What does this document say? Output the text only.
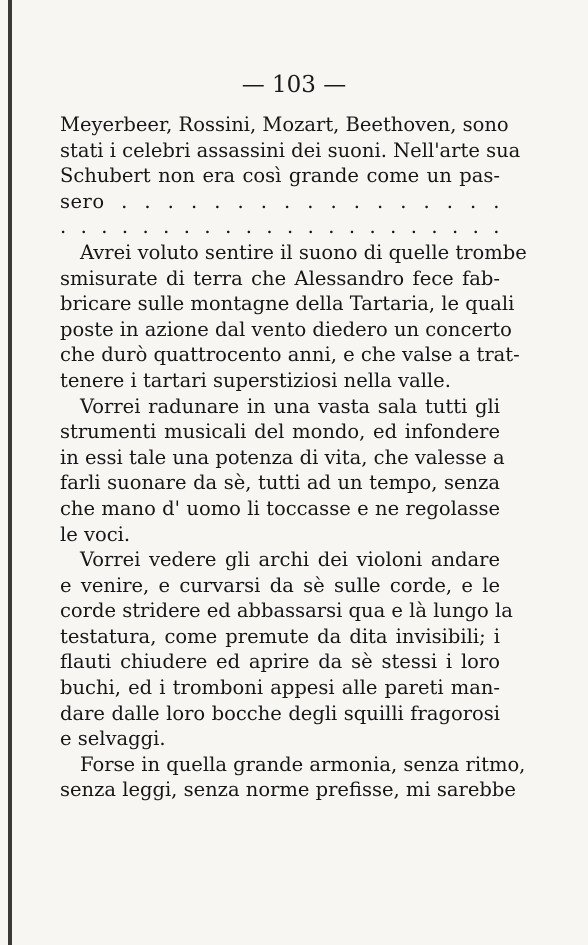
— 103 —
Meyerbeer, Rossini, Mozart, Beethoven, sono
stati i celebri assassini dei suoni. Nell'arte sua
Schubert non era così grande come un pas-
sero . . . . . . . . . . . . . . . . .
. . . . . . . . . . . . . . . . . . . . . .
Avrei voluto sentire il suono di quelle trombe
smisurate di terra che Alessandro fece fab-
bricare sulle montagne della Tartaria, le quali
poste in azione dal vento diedero un concerto
che durò quattrocento anni, e che valse a trat-
tenere i tartari superstiziosi nella valle.
Vorrei radunare in una vasta sala tutti gli
strumenti musicali del mondo, ed infondere
in essi tale una potenza di vita, che valesse a
farli suonare da sè, tutti ad un tempo, senza
che mano d' uomo li toccasse e ne regolasse
le voci.
Vorrei vedere gli archi dei violoni andare
e venire, e curvarsi da sè sulle corde, e le
corde stridere ed abbassarsi qua e là lungo la
testatura, come premute da dita invisibili; i
flauti chiudere ed aprire da sè stessi i loro
buchi, ed i tromboni appesi alle pareti man-
dare dalle loro bocche degli squilli fragorosi
e selvaggi.
Forse in quella grande armonia, senza ritmo,
senza leggi, senza norme prefisse, mi sarebbe
